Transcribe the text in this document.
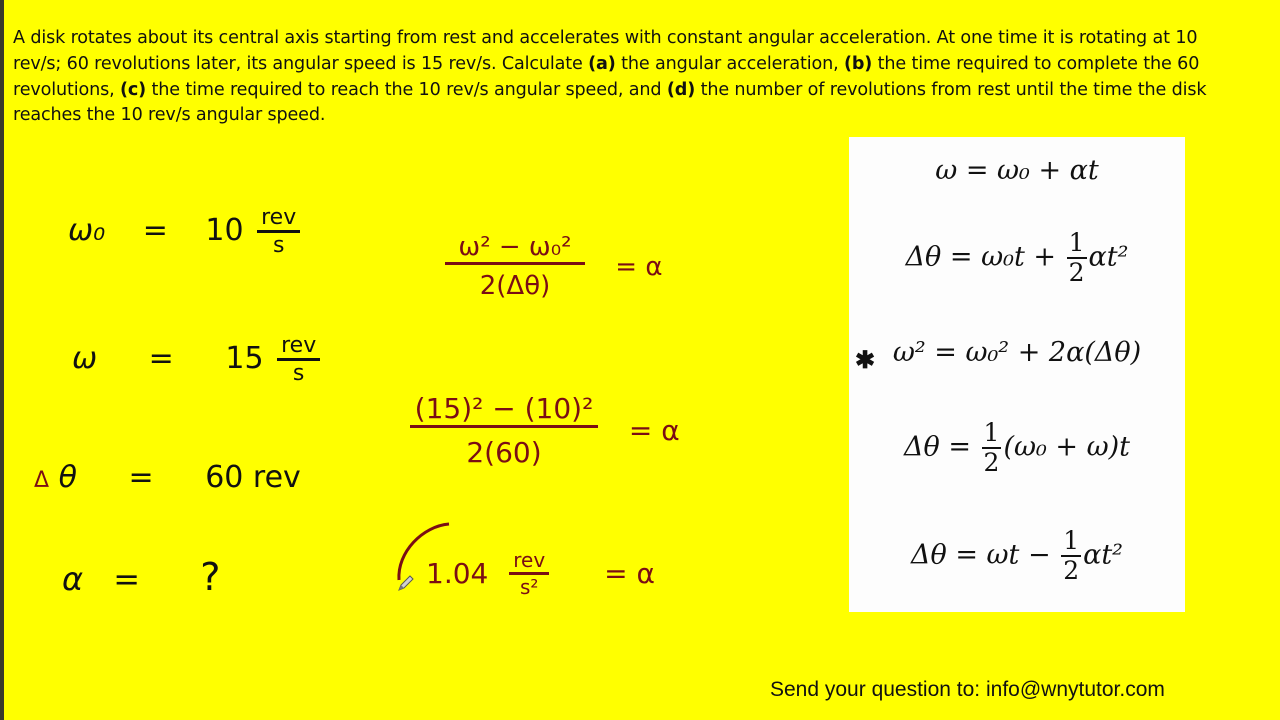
A disk rotates about its central axis starting from rest and accelerates with constant angular acceleration. At one time it is rotating at 10 rev/s; 60 revolutions later, its angular speed is 15 rev/s. Calculate (a) the angular acceleration, (b) the time required to complete the 60 revolutions, (c) the time required to reach the 10 rev/s angular speed, and (d) the number of revolutions from rest until the time the disk reaches the 10 rev/s angular speed.
$\omega_0 = 10 \frac{\text{rev}}{s}$
$\omega = 15 \frac{\text{rev}}{s}$
Δ θ = 60 rev
α = ?
$\frac{\text{ω² − ω₀²}}{2(\Delta\theta)} = \alpha$
$\frac{\text{(15)² − (10)²}}{2(60)} = \alpha$
$1.04 \frac{\text{rev}}{\text{s²}} = \alpha$
ω = ω₀ + αt
$\Delta\theta = \omega_0t + \frac{1}{2} \alpha t^2$
✱ ω² = ω₀² + 2α(Δθ)
$\Delta\theta = \frac{1}{2} (\omega_0 + \omega)t$
$\Delta\theta = \omega t - \frac{1}{2} \alpha t^2$
Send your question to: info@wnytutor.com
